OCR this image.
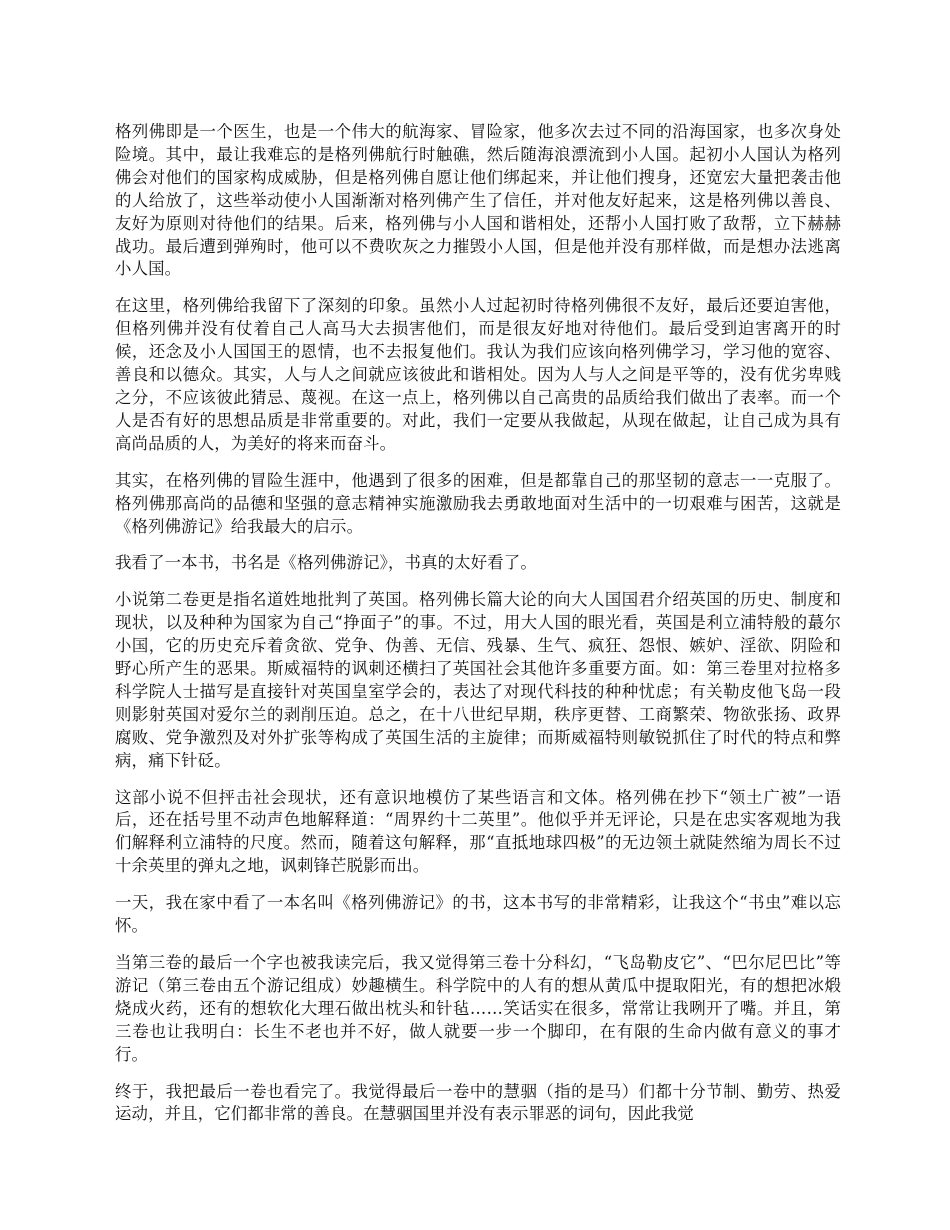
格列佛即是一个医生，也是一个伟大的航海家、冒险家，他多次去过不同的沿海国家，也多次身处险境。其中，最让我难忘的是格列佛航行时触礁，然后随海浪漂流到小人国。起初小人国认为格列佛会对他们的国家构成威胁，但是格列佛自愿让他们绑起来，并让他们搜身，还宽宏大量把袭击他的人给放了，这些举动使小人国渐渐对格列佛产生了信任，并对他友好起来，这是格列佛以善良、友好为原则对待他们的结果。后来，格列佛与小人国和谐相处，还帮小人国打败了敌帮，立下赫赫战功。最后遭到弹殉时，他可以不费吹灰之力摧毁小人国，但是他并没有那样做，而是想办法逃离小人国。

在这里，格列佛给我留下了深刻的印象。虽然小人过起初时待格列佛很不友好，最后还要迫害他，但格列佛并没有仗着自己人高马大去损害他们，而是很友好地对待他们。最后受到迫害离开的时候，还念及小人国国王的恩情，也不去报复他们。我认为我们应该向格列佛学习，学习他的宽容、善良和以德众。其实，人与人之间就应该彼此和谐相处。因为人与人之间是平等的，没有优劣卑贱之分，不应该彼此猜忌、蔑视。在这一点上，格列佛以自己高贵的品质给我们做出了表率。而一个人是否有好的思想品质是非常重要的。对此，我们一定要从我做起，从现在做起，让自己成为具有高尚品质的人，为美好的将来而奋斗。

其实，在格列佛的冒险生涯中，他遇到了很多的困难，但是都靠自己的那坚韧的意志一一克服了。格列佛那高尚的品德和坚强的意志精神实施激励我去勇敢地面对生活中的一切艰难与困苦，这就是《格列佛游记》给我最大的启示。

我看了一本书，书名是《格列佛游记》，书真的太好看了。

小说第二卷更是指名道姓地批判了英国。格列佛长篇大论的向大人国国君介绍英国的历史、制度和现状，以及种种为国家为自己“挣面子”的事。不过，用大人国的眼光看，英国是利立浦特般的蕞尔小国，它的历史充斥着贪欲、党争、伪善、无信、残暴、生气、疯狂、怨恨、嫉妒、淫欲、阴险和野心所产生的恶果。斯威福特的讽刺还横扫了英国社会其他许多重要方面。如：第三卷里对拉格多科学院人士描写是直接针对英国皇室学会的，表达了对现代科技的种种忧虑；有关勒皮他飞岛一段则影射英国对爱尔兰的剥削压迫。总之，在十八世纪早期，秩序更替、工商繁荣、物欲张扬、政界腐败、党争激烈及对外扩张等构成了英国生活的主旋律；而斯威福特则敏锐抓住了时代的特点和弊病，痛下针砭。

这部小说不但抨击社会现状，还有意识地模仿了某些语言和文体。格列佛在抄下“领土广被”一语后，还在括号里不动声色地解释道：“周界约十二英里”。他似乎并无评论，只是在忠实客观地为我们解释利立浦特的尺度。然而，随着这句解释，那“直抵地球四极”的无边领土就陡然缩为周长不过十余英里的弹丸之地，讽刺锋芒脱影而出。

一天，我在家中看了一本名叫《格列佛游记》的书，这本书写的非常精彩，让我这个“书虫”难以忘怀。

当第三卷的最后一个字也被我读完后，我又觉得第三卷十分科幻，“飞岛勒皮它”、“巴尔尼巴比”等游记（第三卷由五个游记组成）妙趣横生。科学院中的人有的想从黄瓜中提取阳光，有的想把冰煅烧成火药，还有的想软化大理石做出枕头和针毡……笑话实在很多，常常让我咧开了嘴。并且，第三卷也让我明白：长生不老也并不好，做人就要一步一个脚印，在有限的生命内做有意义的事才行。

终于，我把最后一卷也看完了。我觉得最后一卷中的慧骃（指的是马）们都十分节制、勤劳、热爱运动，并且，它们都非常的善良。在慧骃国里并没有表示罪恶的词句，因此我觉
